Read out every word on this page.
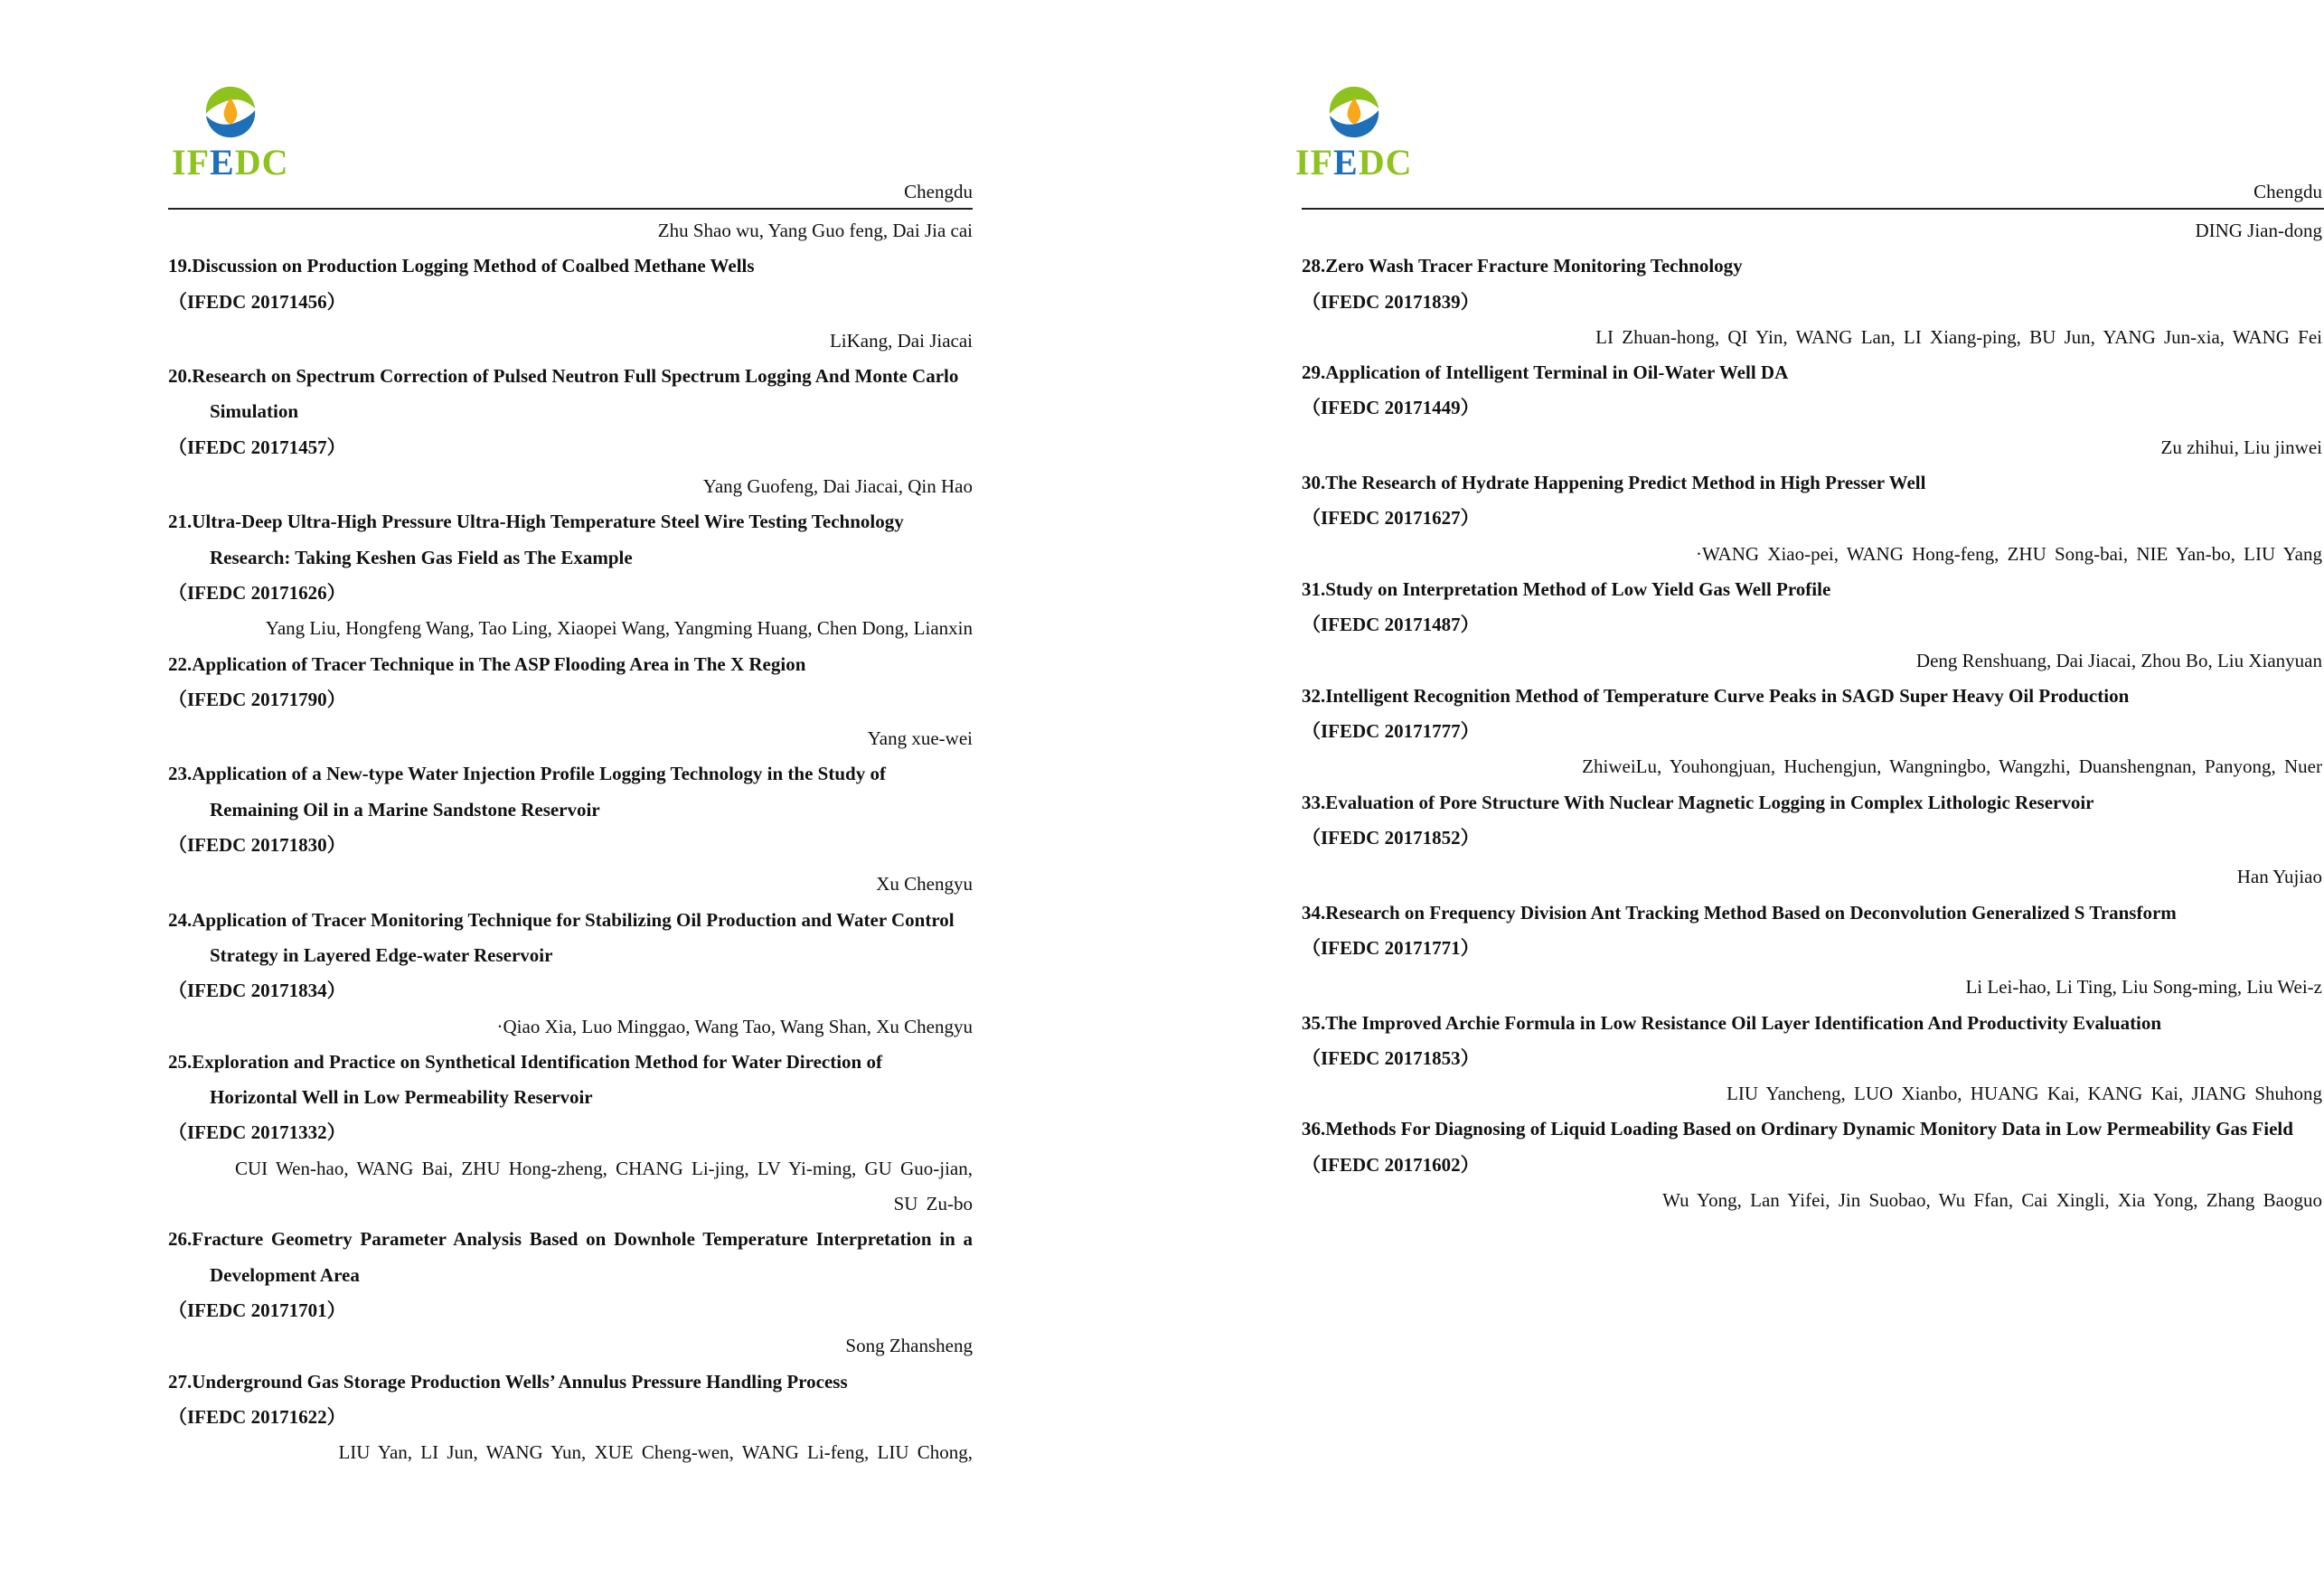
IFEDC
Chengdu

Zhu Shao wu, Yang Guo feng, Dai Jia cai

19.Discussion on Production Logging Method of Coalbed Methane Wells

（IFEDC 20171456）

LiKang, Dai Jiacai

20.Research on Spectrum Correction of Pulsed Neutron Full Spectrum Logging And Monte Carlo Simulation

（IFEDC 20171457）

Yang Guofeng, Dai Jiacai, Qin Hao

21.Ultra-Deep Ultra-High Pressure Ultra-High Temperature Steel Wire Testing Technology Research: Taking Keshen Gas Field as The Example

（IFEDC 20171626）

Yang Liu, Hongfeng Wang, Tao Ling, Xiaopei Wang, Yangming Huang, Chen Dong, Lianxin

22.Application of Tracer Technique in The ASP Flooding Area in The X Region

（IFEDC 20171790）

Yang xue-wei

23.Application of a New-type Water Injection Profile Logging Technology in the Study of Remaining Oil in a Marine Sandstone Reservoir

（IFEDC 20171830）

Xu Chengyu

24.Application of Tracer Monitoring Technique for Stabilizing Oil Production and Water Control Strategy in Layered Edge-water Reservoir

（IFEDC 20171834）

·Qiao Xia, Luo Minggao, Wang Tao, Wang Shan, Xu Chengyu

25.Exploration and Practice on Synthetical Identification Method for Water Direction of Horizontal Well in Low Permeability Reservoir

（IFEDC 20171332）

CUI Wen-hao, WANG Bai, ZHU Hong-zheng, CHANG Li-jing, LV Yi-ming, GU Guo-jian, SU Zu-bo

26.Fracture Geometry Parameter Analysis Based on Downhole Temperature Interpretation in a Development Area

（IFEDC 20171701）

Song Zhansheng

27.Underground Gas Storage Production Wells’ Annulus Pressure Handling Process

（IFEDC 20171622）

LIU Yan, LI Jun, WANG Yun, XUE Cheng-wen, WANG Li-feng, LIU Chong,

IFEDC
Chengdu

DING Jian-dong

28.Zero Wash Tracer Fracture Monitoring Technology

（IFEDC 20171839）

LI Zhuan-hong, QI Yin, WANG Lan, LI Xiang-ping, BU Jun, YANG Jun-xia, WANG Fei

29.Application of Intelligent Terminal in Oil-Water Well DA

（IFEDC 20171449）

Zu zhihui, Liu jinwei

30.The Research of Hydrate Happening Predict Method in High Presser Well

（IFEDC 20171627）

·WANG Xiao-pei, WANG Hong-feng, ZHU Song-bai, NIE Yan-bo, LIU Yang

31.Study on Interpretation Method of Low Yield Gas Well Profile

（IFEDC 20171487）

Deng Renshuang, Dai Jiacai, Zhou Bo, Liu Xianyuan

32.Intelligent Recognition Method of Temperature Curve Peaks in SAGD Super Heavy Oil Production

（IFEDC 20171777）

ZhiweiLu, Youhongjuan, Huchengjun, Wangningbo, Wangzhi, Duanshengnan, Panyong, Nuer

33.Evaluation of Pore Structure With Nuclear Magnetic Logging in Complex Lithologic Reservoir

（IFEDC 20171852）

Han Yujiao

34.Research on Frequency Division Ant Tracking Method Based on Deconvolution Generalized S Transform

（IFEDC 20171771）

Li Lei-hao, Li Ting, Liu Song-ming, Liu Wei-z

35.The Improved Archie Formula in Low Resistance Oil Layer Identification And Productivity Evaluation

（IFEDC 20171853）

LIU Yancheng, LUO Xianbo, HUANG Kai, KANG Kai, JIANG Shuhong

36.Methods For Diagnosing of Liquid Loading Based on Ordinary Dynamic Monitory Data in Low Permeability Gas Field

（IFEDC 20171602）

Wu Yong, Lan Yifei, Jin Suobao, Wu Ffan, Cai Xingli, Xia Yong, Zhang Baoguo
